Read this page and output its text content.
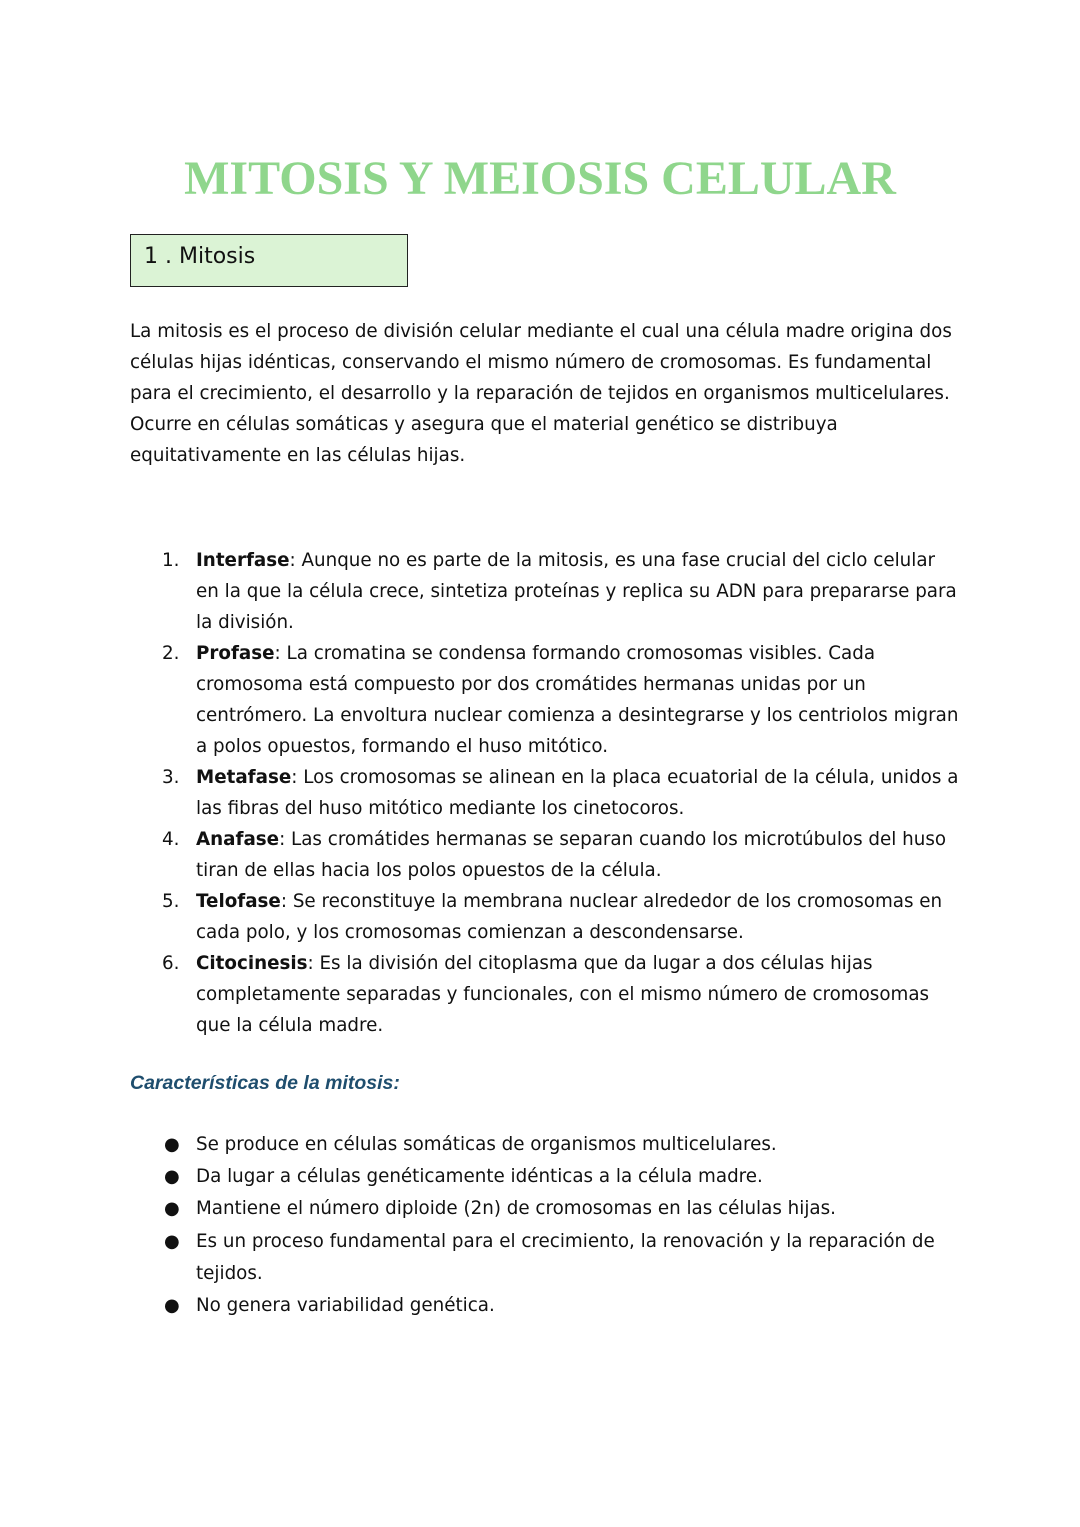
MITOSIS Y MEIOSIS CELULAR
1 . Mitosis

La mitosis es el proceso de división celular mediante el cual una célula madre origina dos células hijas idénticas, conservando el mismo número de cromosomas. Es fundamental para el crecimiento, el desarrollo y la reparación de tejidos en organismos multicelulares. Ocurre en células somáticas y asegura que el material genético se distribuya equitativamente en las células hijas.

1. Interfase: Aunque no es parte de la mitosis, es una fase crucial del ciclo celular en la que la célula crece, sintetiza proteínas y replica su ADN para prepararse para la división.
2. Profase: La cromatina se condensa formando cromosomas visibles. Cada cromosoma está compuesto por dos cromátides hermanas unidas por un centrómero. La envoltura nuclear comienza a desintegrarse y los centriolos migran a polos opuestos, formando el huso mitótico.
3. Metafase: Los cromosomas se alinean en la placa ecuatorial de la célula, unidos a las fibras del huso mitótico mediante los cinetocoros.
4. Anafase: Las cromátides hermanas se separan cuando los microtúbulos del huso tiran de ellas hacia los polos opuestos de la célula.
5. Telofase: Se reconstituye la membrana nuclear alrededor de los cromosomas en cada polo, y los cromosomas comienzan a descondensarse.
6. Citocinesis: Es la división del citoplasma que da lugar a dos células hijas completamente separadas y funcionales, con el mismo número de cromosomas que la célula madre.
Características de la mitosis:
● Se produce en células somáticas de organismos multicelulares.
● Da lugar a células genéticamente idénticas a la célula madre.
● Mantiene el número diploide (2n) de cromosomas en las células hijas.
● Es un proceso fundamental para el crecimiento, la renovación y la reparación de tejidos.
● No genera variabilidad genética.
